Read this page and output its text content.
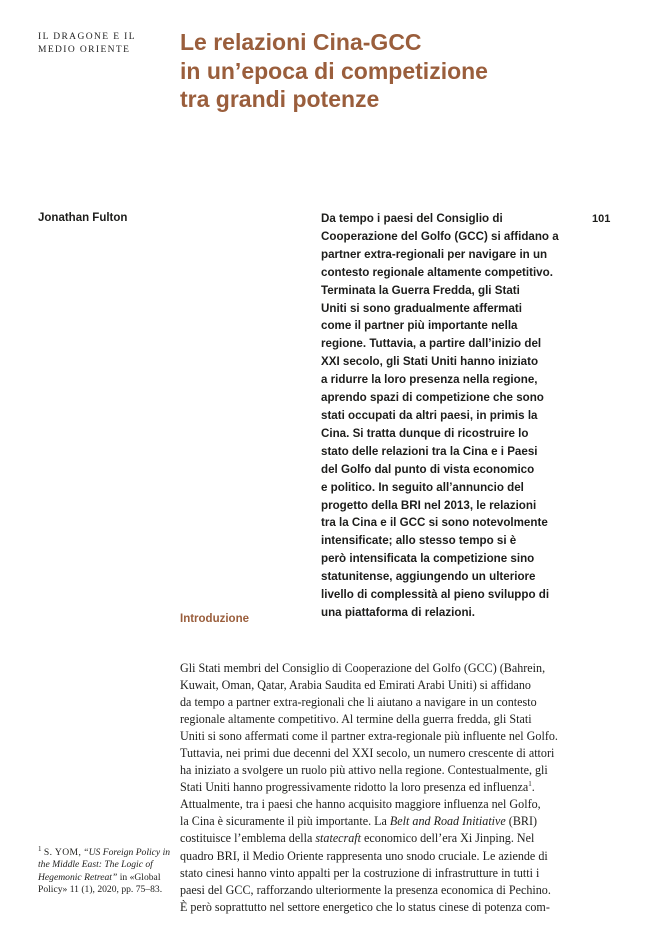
IL DRAGONE E IL
MEDIO ORIENTE	Le relazioni Cina-GCC
in un’epoca di competizione
tra grandi potenze
Jonathan Fulton	101
Da tempo i paesi del Consiglio di
Cooperazione del Golfo (GCC) si affidano a
partner extra-regionali per navigare in un
contesto regionale altamente competitivo.
Terminata la Guerra Fredda, gli Stati
Uniti si sono gradualmente affermati
come il partner più importante nella
regione. Tuttavia, a partire dall’inizio del
XXI secolo, gli Stati Uniti hanno iniziato
a ridurre la loro presenza nella regione,
aprendo spazi di competizione che sono
stati occupati da altri paesi, in primis la
Cina. Si tratta dunque di ricostruire lo
stato delle relazioni tra la Cina e i Paesi
del Golfo dal punto di vista economico
e politico. In seguito all’annuncio del
progetto della BRI nel 2013, le relazioni
tra la Cina e il GCC si sono notevolmente
intensificate; allo stesso tempo si è
però intensificata la competizione sino
statunitense, aggiungendo un ulteriore
livello di complessità al pieno sviluppo di
una piattaforma di relazioni.
Introduzione
Gli Stati membri del Consiglio di Cooperazione del Golfo (GCC) (Bahrein,
Kuwait, Oman, Qatar, Arabia Saudita ed Emirati Arabi Uniti) si affidano
da tempo a partner extra-regionali che li aiutano a navigare in un contesto
regionale altamente competitivo. Al termine della guerra fredda, gli Stati
Uniti si sono affermati come il partner extra-regionale più influente nel Golfo.
Tuttavia, nei primi due decenni del XXI secolo, un numero crescente di attori
ha iniziato a svolgere un ruolo più attivo nella regione. Contestualmente, gli
Stati Uniti hanno progressivamente ridotto la loro presenza ed influenza$^1$.
Attualmente, tra i paesi che hanno acquisito maggiore influenza nel Golfo,
la Cina è sicuramente il più importante. La Belt and Road Initiative (BRI)
costituisce l’emblema della statecraft economico dell’era Xi Jinping. Nel
quadro BRI, il Medio Oriente rappresenta uno snodo cruciale. Le aziende di
stato cinesi hanno vinto appalti per la costruzione di infrastrutture in tutti i
paesi del GCC, rafforzando ulteriormente la presenza economica di Pechino.
È però soprattutto nel settore energetico che lo status cinese di potenza com-
$^1$ S. YOM, “US Foreign Policy in
the Middle East: The Logic of
Hegemonic Retreat” in «Global
Policy» 11 (1), 2020, pp. 75–83.
